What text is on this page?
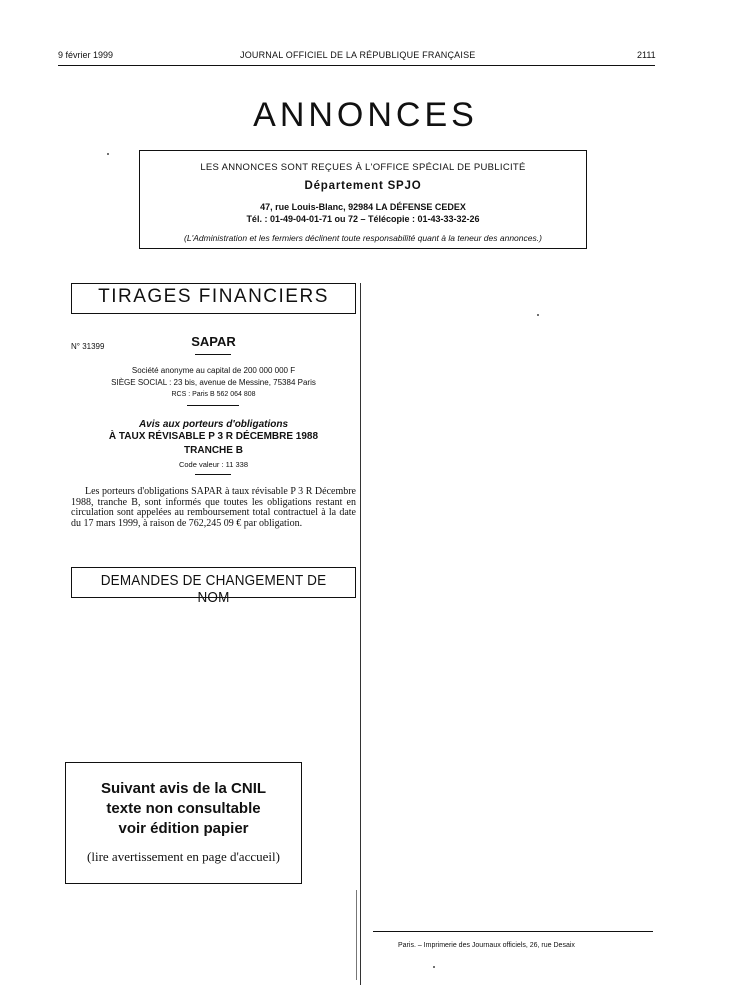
9 février 1999	JOURNAL OFFICIEL DE LA RÉPUBLIQUE FRANÇAISE	2111
ANNONCES
LES ANNONCES SONT REÇUES À L'OFFICE SPÉCIAL DE PUBLICITÉ
Département SPJO
47, rue Louis-Blanc, 92984 LA DÉFENSE CEDEX
Tél. : 01-49-04-01-71 ou 72 – Télécopie : 01-43-33-32-26
(L'Administration et les fermiers déclinent toute responsabilité quant à la teneur des annonces.)
TIRAGES FINANCIERS
N° 31399	SAPAR
Société anonyme au capital de 200 000 000 F
SIÈGE SOCIAL : 23 bis, avenue de Messine, 75384 Paris
RCS : Paris B 562 064 808
Avis aux porteurs d'obligations
À TAUX RÉVISABLE P 3 R DÉCEMBRE 1988
TRANCHE B
Code valeur : 11 338
Les porteurs d'obligations SAPAR à taux révisable P 3 R Décembre 1988, tranche B, sont informés que toutes les obligations restant en circulation sont appelées au remboursement total contractuel à la date du 17 mars 1999, à raison de 762,245 09 € par obligation.
DEMANDES DE CHANGEMENT DE NOM
Suivant avis de la CNIL
texte non consultable
voir édition papier
(lire avertissement en page d'accueil)
Paris. – Imprimerie des Journaux officiels, 26, rue Desaix
